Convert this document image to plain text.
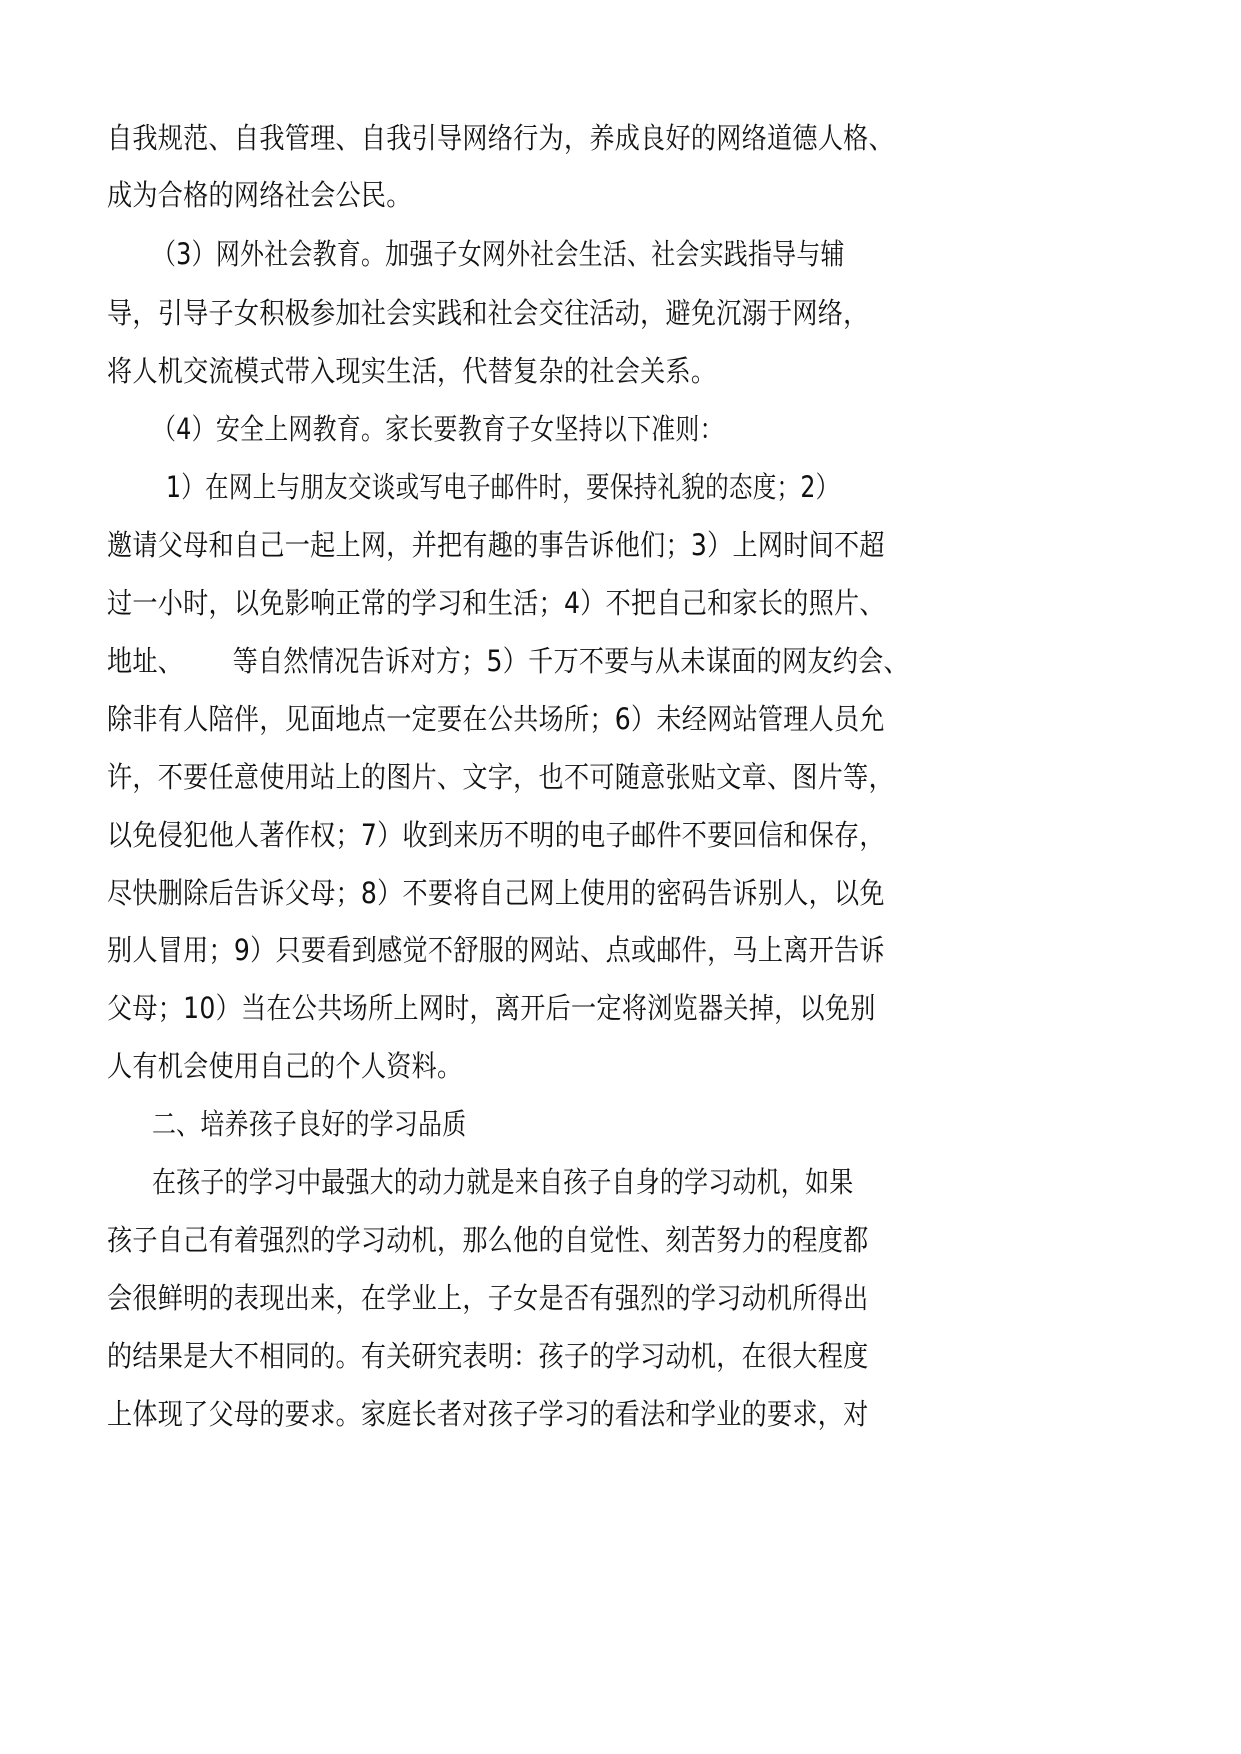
自我规范、自我管理、自我引导网络行为，养成良好的网络道德人格、

成为合格的网络社会公民。

（3）网外社会教育。加强子女网外社会生活、社会实践指导与辅

导，引导子女积极参加社会实践和社会交往活动，避免沉溺于网络，

将人机交流模式带入现实生活，代替复杂的社会关系。

（4）安全上网教育。家长要教育子女坚持以下准则：

1）在网上与朋友交谈或写电子邮件时，要保持礼貌的态度；2）

邀请父母和自己一起上网，并把有趣的事告诉他们；3）上网时间不超

过一小时，以免影响正常的学习和生活；4）不把自己和家长的照片、

地址、      等自然情况告诉对方；5）千万不要与从未谋面的网友约会、

除非有人陪伴，见面地点一定要在公共场所；6）未经网站管理人员允

许，不要任意使用站上的图片、文字，也不可随意张贴文章、图片等，

以免侵犯他人著作权；7）收到来历不明的电子邮件不要回信和保存，

尽快删除后告诉父母；8）不要将自己网上使用的密码告诉别人，以免

别人冒用；9）只要看到感觉不舒服的网站、点或邮件，马上离开告诉

父母；10）当在公共场所上网时，离开后一定将浏览器关掉，以免别

人有机会使用自己的个人资料。

二、培养孩子良好的学习品质

在孩子的学习中最强大的动力就是来自孩子自身的学习动机，如果

孩子自己有着强烈的学习动机，那么他的自觉性、刻苦努力的程度都

会很鲜明的表现出来，在学业上，子女是否有强烈的学习动机所得出

的结果是大不相同的。有关研究表明：孩子的学习动机，在很大程度

上体现了父母的要求。家庭长者对孩子学习的看法和学业的要求，对
